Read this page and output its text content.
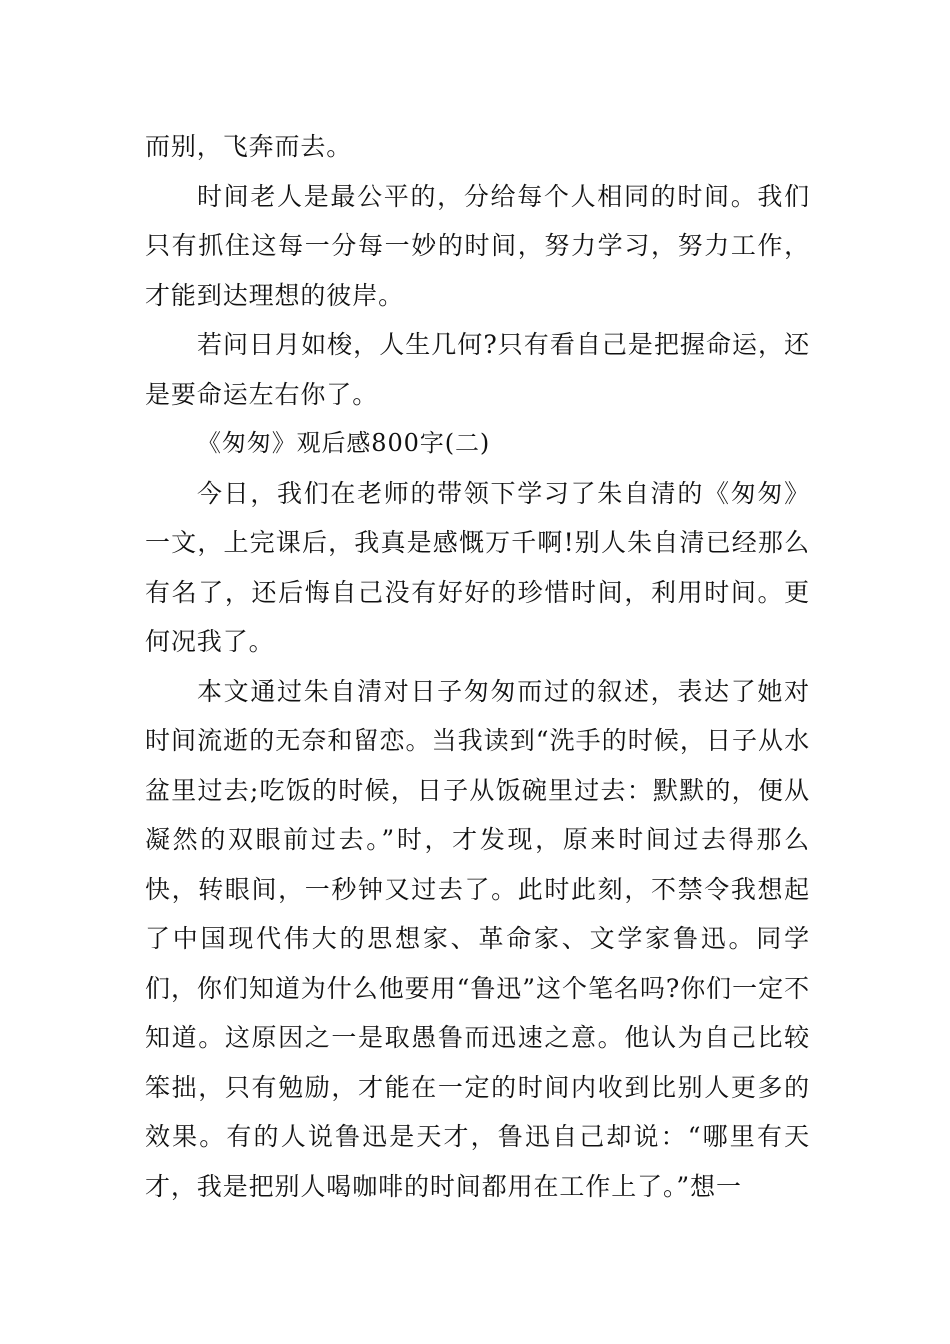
而别，飞奔而去。

时间老人是最公平的，分给每个人相同的时间。我们只有抓住这每一分每一妙的时间，努力学习，努力工作，才能到达理想的彼岸。

若问日月如梭，人生几何?只有看自己是把握命运，还是要命运左右你了。

《匆匆》观后感800字(二)

今日，我们在老师的带领下学习了朱自清的《匆匆》一文，上完课后，我真是感慨万千啊!别人朱自清已经那么有名了，还后悔自己没有好好的珍惜时间，利用时间。更何况我了。

本文通过朱自清对日子匆匆而过的叙述，表达了她对时间流逝的无奈和留恋。当我读到“洗手的时候，日子从水盆里过去;吃饭的时候，日子从饭碗里过去：默默的，便从凝然的双眼前过去。”时，才发现，原来时间过去得那么快，转眼间，一秒钟又过去了。此时此刻，不禁令我想起了中国现代伟大的思想家、革命家、文学家鲁迅。同学们，你们知道为什么他要用“鲁迅”这个笔名吗?你们一定不知道。这原因之一是取愚鲁而迅速之意。他认为自己比较笨拙，只有勉励，才能在一定的时间内收到比别人更多的效果。有的人说鲁迅是天才，鲁迅自己却说：“哪里有天才，我是把别人喝咖啡的时间都用在工作上了。”想一
